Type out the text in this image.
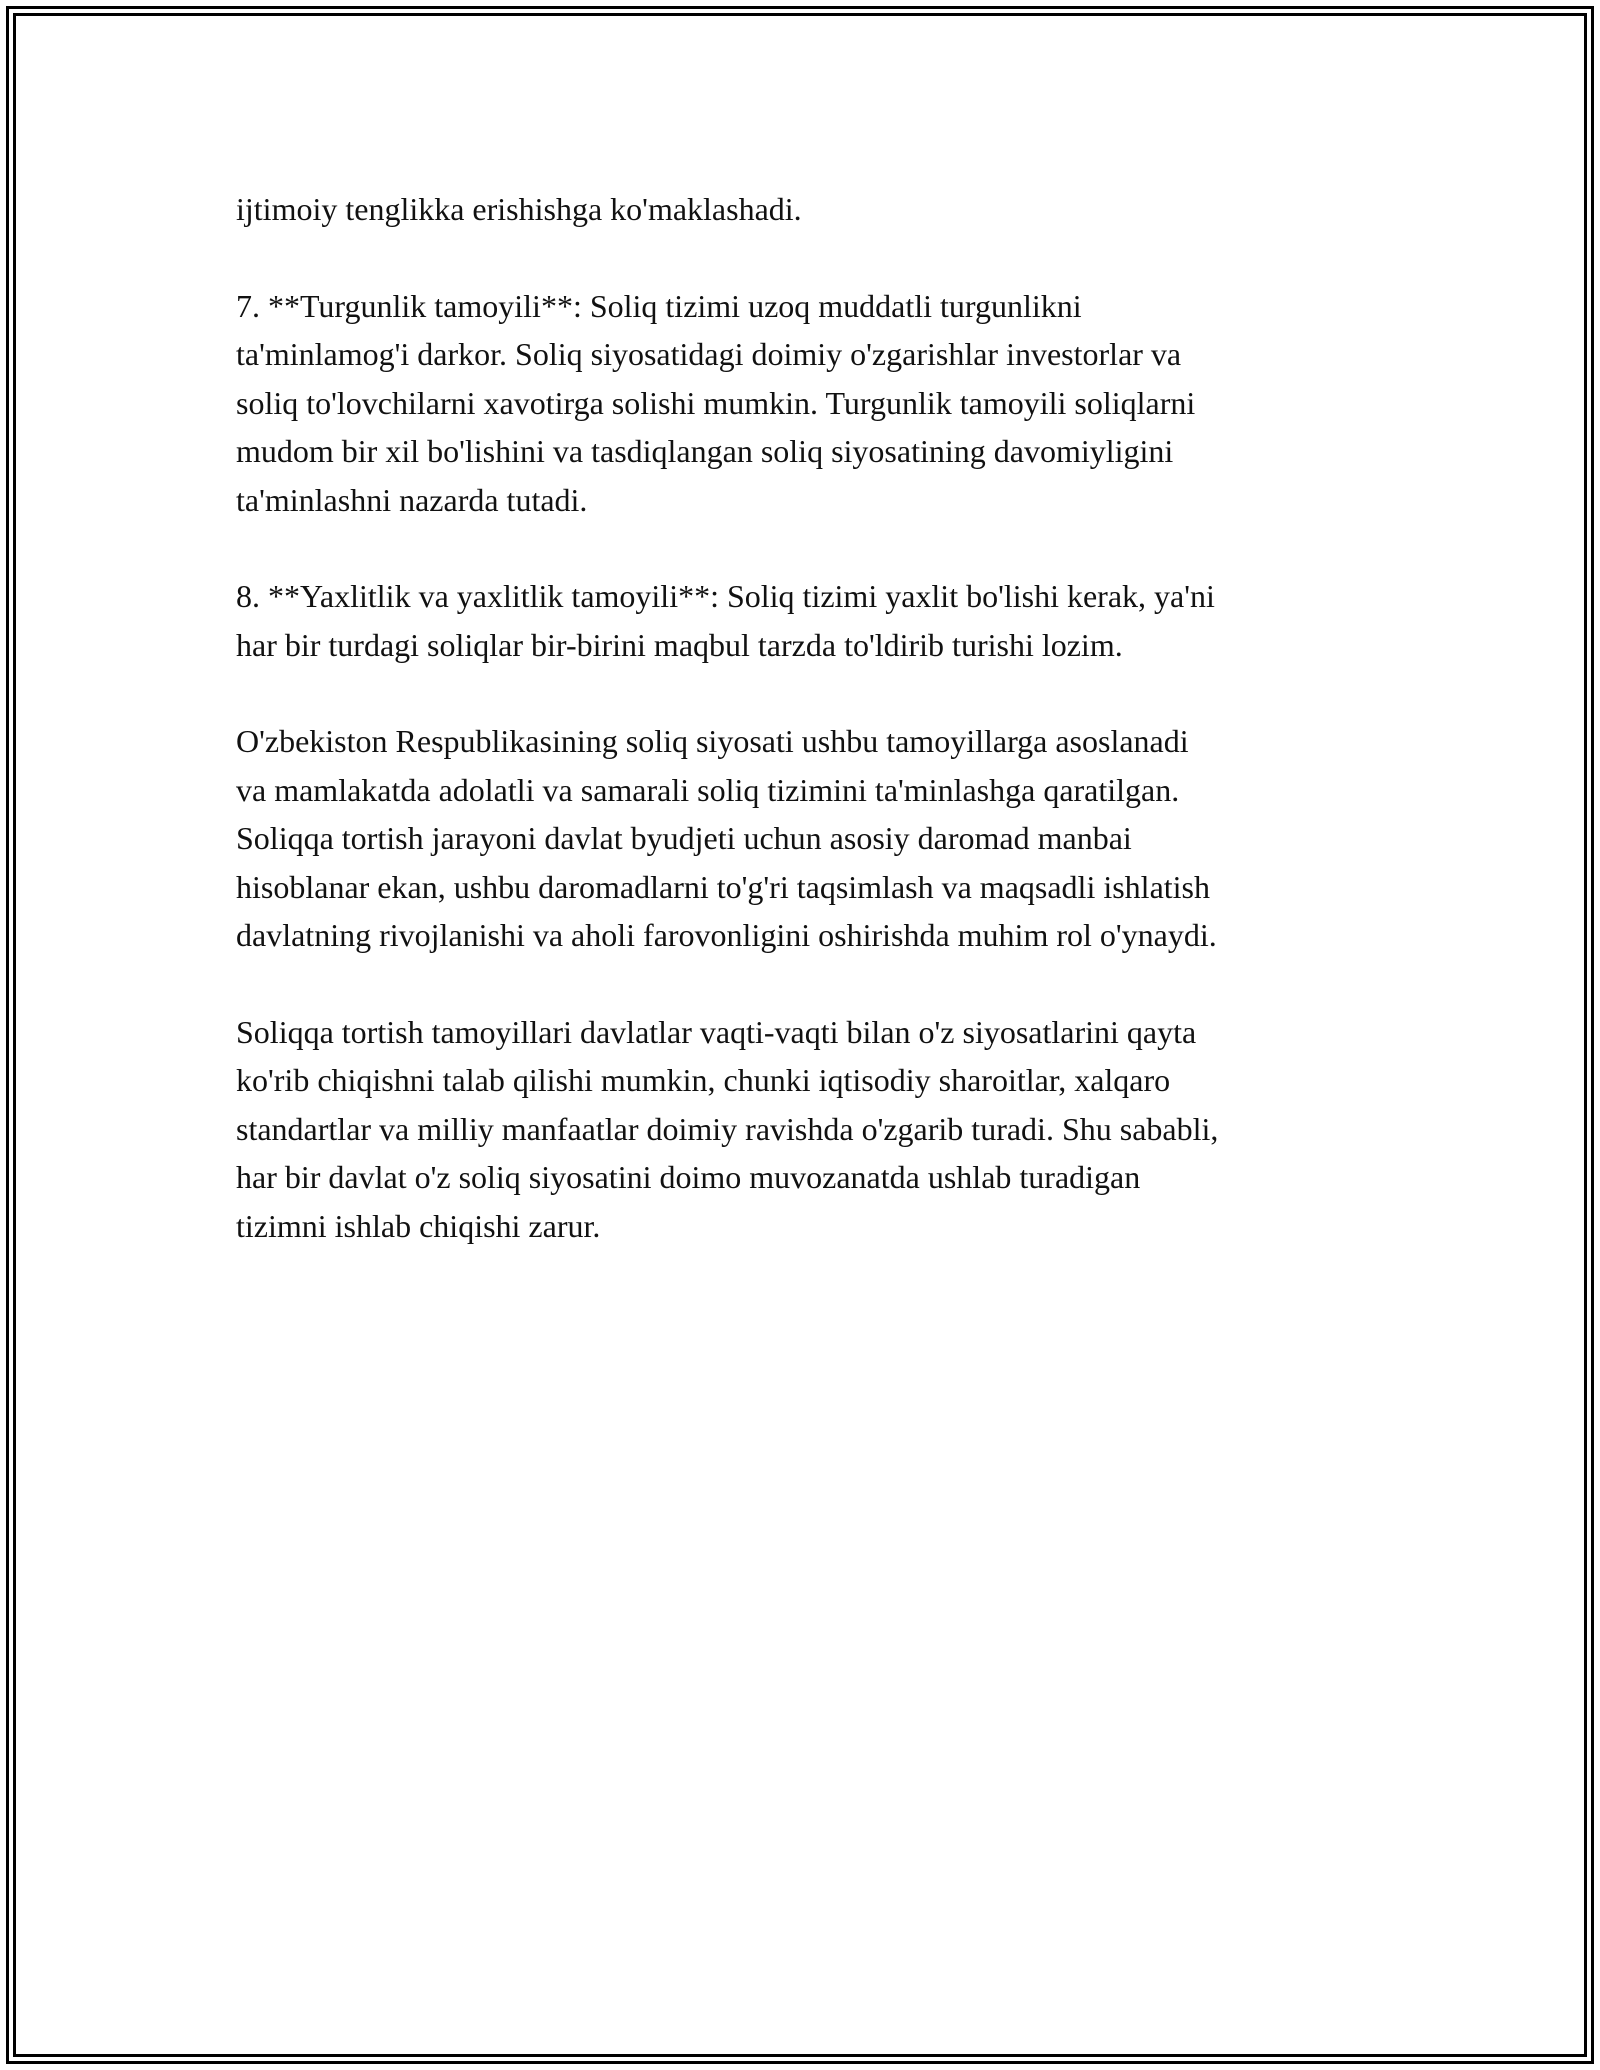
ijtimoiy tenglikka erishishga ko'maklashadi.

7. **Turgunlik tamoyili**: Soliq tizimi uzoq muddatli turgunlikni
ta'minlamog'i darkor. Soliq siyosatidagi doimiy o'zgarishlar investorlar va
soliq to'lovchilarni xavotirga solishi mumkin. Turgunlik tamoyili soliqlarni
mudom bir xil bo'lishini va tasdiqlangan soliq siyosatining davomiyligini
ta'minlashni nazarda tutadi.

8. **Yaxlitlik va yaxlitlik tamoyili**: Soliq tizimi yaxlit bo'lishi kerak, ya'ni
har bir turdagi soliqlar bir-birini maqbul tarzda to'ldirib turishi lozim.

O'zbekiston Respublikasining soliq siyosati ushbu tamoyillarga asoslanadi
va mamlakatda adolatli va samarali soliq tizimini ta'minlashga qaratilgan.
Soliqqa tortish jarayoni davlat byudjeti uchun asosiy daromad manbai
hisoblanar ekan, ushbu daromadlarni to'g'ri taqsimlash va maqsadli ishlatish
davlatning rivojlanishi va aholi farovonligini oshirishda muhim rol o'ynaydi.

Soliqqa tortish tamoyillari davlatlar vaqti-vaqti bilan o'z siyosatlarini qayta
ko'rib chiqishni talab qilishi mumkin, chunki iqtisodiy sharoitlar, xalqaro
standartlar va milliy manfaatlar doimiy ravishda o'zgarib turadi. Shu sababli,
har bir davlat o'z soliq siyosatini doimo muvozanatda ushlab turadigan
tizimni ishlab chiqishi zarur.
